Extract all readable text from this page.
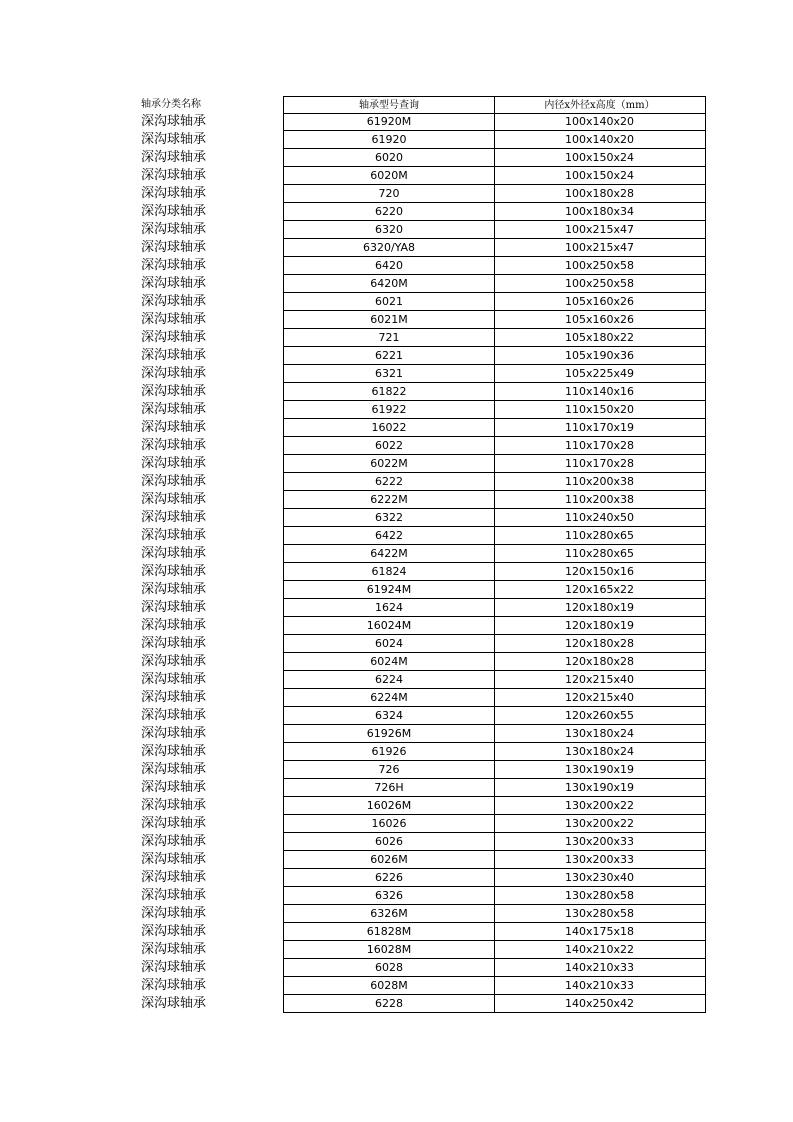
轴承分类名称	轴承型号查询	内径x外径x高度（mm）
深沟球轴承	61920M	100x140x20
深沟球轴承	61920	100x140x20
深沟球轴承	6020	100x150x24
深沟球轴承	6020M	100x150x24
深沟球轴承	720	100x180x28
深沟球轴承	6220	100x180x34
深沟球轴承	6320	100x215x47
深沟球轴承	6320/YA8	100x215x47
深沟球轴承	6420	100x250x58
深沟球轴承	6420M	100x250x58
深沟球轴承	6021	105x160x26
深沟球轴承	6021M	105x160x26
深沟球轴承	721	105x180x22
深沟球轴承	6221	105x190x36
深沟球轴承	6321	105x225x49
深沟球轴承	61822	110x140x16
深沟球轴承	61922	110x150x20
深沟球轴承	16022	110x170x19
深沟球轴承	6022	110x170x28
深沟球轴承	6022M	110x170x28
深沟球轴承	6222	110x200x38
深沟球轴承	6222M	110x200x38
深沟球轴承	6322	110x240x50
深沟球轴承	6422	110x280x65
深沟球轴承	6422M	110x280x65
深沟球轴承	61824	120x150x16
深沟球轴承	61924M	120x165x22
深沟球轴承	1624	120x180x19
深沟球轴承	16024M	120x180x19
深沟球轴承	6024	120x180x28
深沟球轴承	6024M	120x180x28
深沟球轴承	6224	120x215x40
深沟球轴承	6224M	120x215x40
深沟球轴承	6324	120x260x55
深沟球轴承	61926M	130x180x24
深沟球轴承	61926	130x180x24
深沟球轴承	726	130x190x19
深沟球轴承	726H	130x190x19
深沟球轴承	16026M	130x200x22
深沟球轴承	16026	130x200x22
深沟球轴承	6026	130x200x33
深沟球轴承	6026M	130x200x33
深沟球轴承	6226	130x230x40
深沟球轴承	6326	130x280x58
深沟球轴承	6326M	130x280x58
深沟球轴承	61828M	140x175x18
深沟球轴承	16028M	140x210x22
深沟球轴承	6028	140x210x33
深沟球轴承	6028M	140x210x33
深沟球轴承	6228	140x250x42
